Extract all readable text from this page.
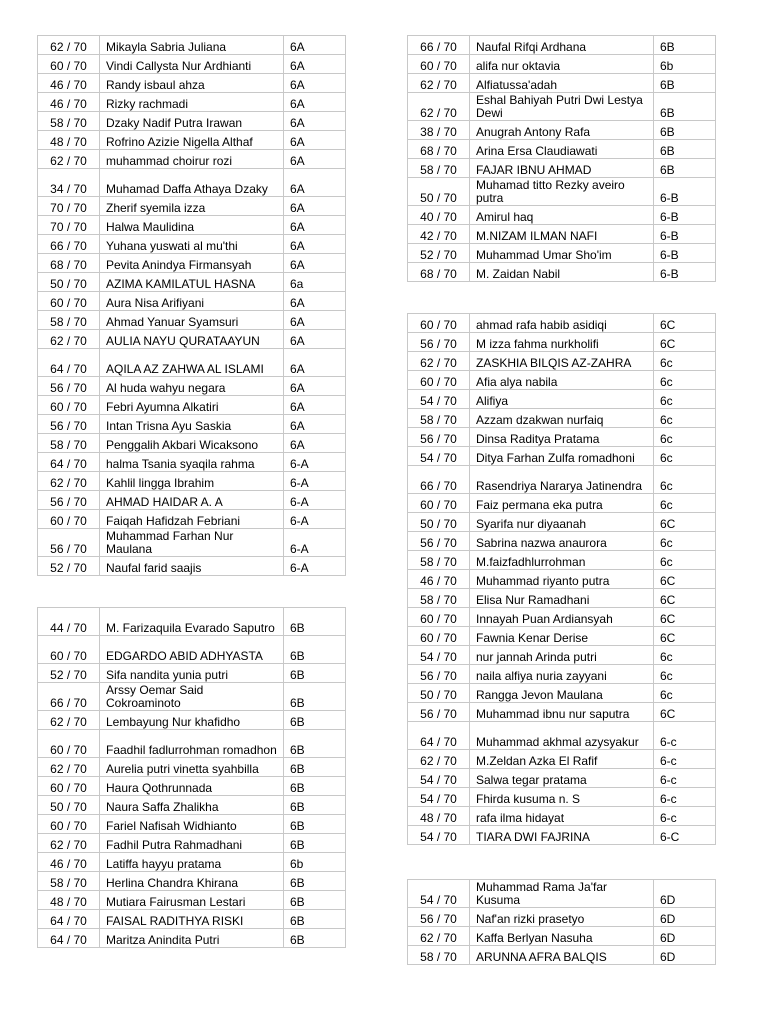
62 / 70	Mikayla Sabria Juliana	6A
60 / 70	Vindi Callysta Nur Ardhianti	6A
46 / 70	Randy isbaul ahza	6A
46 / 70	Rizky rachmadi	6A
58 / 70	Dzaky Nadif Putra Irawan	6A
48 / 70	Rofrino Azizie Nigella Althaf	6A
62 / 70	muhammad choirur rozi	6A
34 / 70	Muhamad Daffa Athaya Dzaky	6A
70 / 70	Zherif syemila izza	6A
70 / 70	Halwa Maulidina	6A
66 / 70	Yuhana yuswati al mu'thi	6A
68 / 70	Pevita Anindya Firmansyah	6A
50 / 70	AZIMA KAMILATUL HASNA	6a
60 / 70	Aura Nisa Arifiyani	6A
58 / 70	Ahmad Yanuar Syamsuri	6A
62 / 70	AULIA NAYU QURATAAYUN	6A
64 / 70	AQILA AZ ZAHWA AL ISLAMI	6A
56 / 70	Al huda wahyu negara	6A
60 / 70	Febri Ayumna Alkatiri	6A
56 / 70	Intan Trisna Ayu Saskia	6A
58 / 70	Penggalih Akbari Wicaksono	6A
64 / 70	halma Tsania syaqila rahma	6-A
62 / 70	Kahlil lingga Ibrahim	6-A
56 / 70	AHMAD HAIDAR A. A	6-A
60 / 70	Faiqah Hafidzah Febriani	6-A
56 / 70	Muhammad Farhan Nur Maulana	6-A
52 / 70	Naufal farid saajis	6-A
44 / 70	M. Farizaquila Evarado Saputro	6B
60 / 70	EDGARDO ABID ADHYASTA	6B
52 / 70	Sifa nandita yunia putri	6B
66 / 70	Arssy Oemar Said Cokroaminoto	6B
62 / 70	Lembayung Nur khafidho	6B
60 / 70	Faadhil fadlurrohman romadhon	6B
62 / 70	Aurelia putri vinetta syahbilla	6B
60 / 70	Haura Qothrunnada	6B
50 / 70	Naura Saffa Zhalikha	6B
60 / 70	Fariel Nafisah Widhianto	6B
62 / 70	Fadhil Putra Rahmadhani	6B
46 / 70	Latiffa hayyu pratama	6b
58 / 70	Herlina Chandra Khirana	6B
48 / 70	Mutiara Fairusman Lestari	6B
64 / 70	FAISAL RADITHYA RISKI	6B
64 / 70	Maritza Anindita Putri	6B
66 / 70	Naufal Rifqi Ardhana	6B
60 / 70	alifa nur oktavia	6b
62 / 70	Alfiatussa'adah	6B
62 / 70	Eshal Bahiyah Putri Dwi Lestya Dewi	6B
38 / 70	Anugrah Antony Rafa	6B
68 / 70	Arina Ersa Claudiawati	6B
58 / 70	FAJAR IBNU AHMAD	6B
50 / 70	Muhamad titto Rezky aveiro putra	6-B
40 / 70	Amirul haq	6-B
42 / 70	M.NIZAM ILMAN NAFI	6-B
52 / 70	Muhammad Umar Sho'im	6-B
68 / 70	M. Zaidan Nabil	6-B
60 / 70	ahmad rafa habib asidiqi	6C
56 / 70	M izza fahma nurkholifi	6C
62 / 70	ZASKHIA BILQIS AZ-ZAHRA	6c
60 / 70	Afia alya nabila	6c
54 / 70	Alifiya	6c
58 / 70	Azzam dzakwan nurfaiq	6c
56 / 70	Dinsa Raditya Pratama	6c
54 / 70	Ditya Farhan Zulfa romadhoni	6c
66 / 70	Rasendriya Nararya Jatinendra	6c
60 / 70	Faiz permana eka putra	6c
50 / 70	Syarifa nur diyaanah	6C
56 / 70	Sabrina nazwa anaurora	6c
58 / 70	M.faizfadhlurrohman	6c
46 / 70	Muhammad riyanto putra	6C
58 / 70	Elisa Nur Ramadhani	6C
60 / 70	Innayah Puan Ardiansyah	6C
60 / 70	Fawnia Kenar Derise	6C
54 / 70	nur jannah Arinda putri	6c
56 / 70	naila alfiya nuria zayyani	6c
50 / 70	Rangga Jevon Maulana	6c
56 / 70	Muhammad ibnu nur saputra	6C
64 / 70	Muhammad akhmal azysyakur	6-c
62 / 70	M.Zeldan Azka El Rafif	6-c
54 / 70	Salwa tegar pratama	6-c
54 / 70	Fhirda kusuma n. S	6-c
48 / 70	rafa ilma hidayat	6-c
54 / 70	TIARA DWI FAJRINA	6-C
54 / 70	Muhammad Rama Ja'far Kusuma	6D
56 / 70	Naf'an rizki prasetyo	6D
62 / 70	Kaffa Berlyan Nasuha	6D
58 / 70	ARUNNA AFRA BALQIS	6D
